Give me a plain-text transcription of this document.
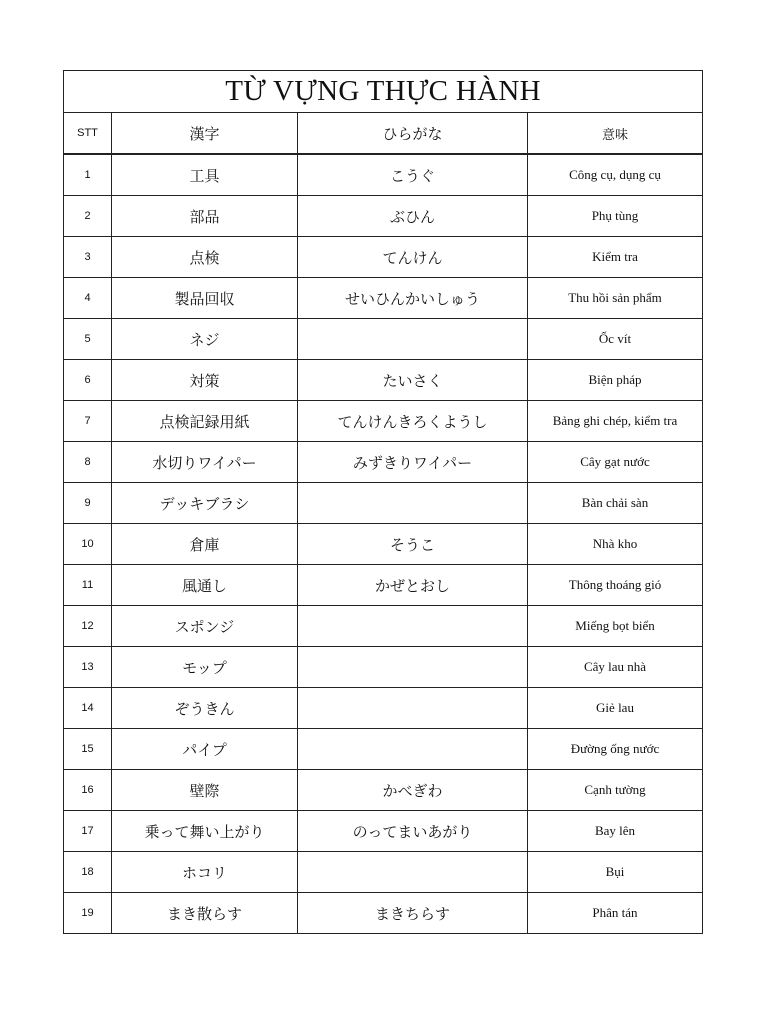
TỪ VỰNG THỰC HÀNH			
STT	漢字	ひらがな	意味
1	工具	こうぐ	Công cụ, dụng cụ
2	部品	ぶひん	Phụ tùng
3	点検	てんけん	Kiểm tra
4	製品回収	せいひんかいしゅう	Thu hồi sản phẩm
5	ネジ		Ốc vít
6	対策	たいさく	Biện pháp
7	点検記録用紙	てんけんきろくようし	Bảng ghi chép, kiểm tra
8	水切りワイパー	みずきりワイパー	Cây gạt nước
9	デッキブラシ		Bàn chải sàn
10	倉庫	そうこ	Nhà kho
11	風通し	かぜとおし	Thông thoáng gió
12	スポンジ		Miếng bọt biển
13	モップ		Cây lau nhà
14	ぞうきん		Giẻ lau
15	パイプ		Đường ống nước
16	壁際	かべぎわ	Cạnh tường
17	乗って舞い上がり	のってまいあがり	Bay lên
18	ホコリ		Bụi
19	まき散らす	まきちらす	Phân tán
